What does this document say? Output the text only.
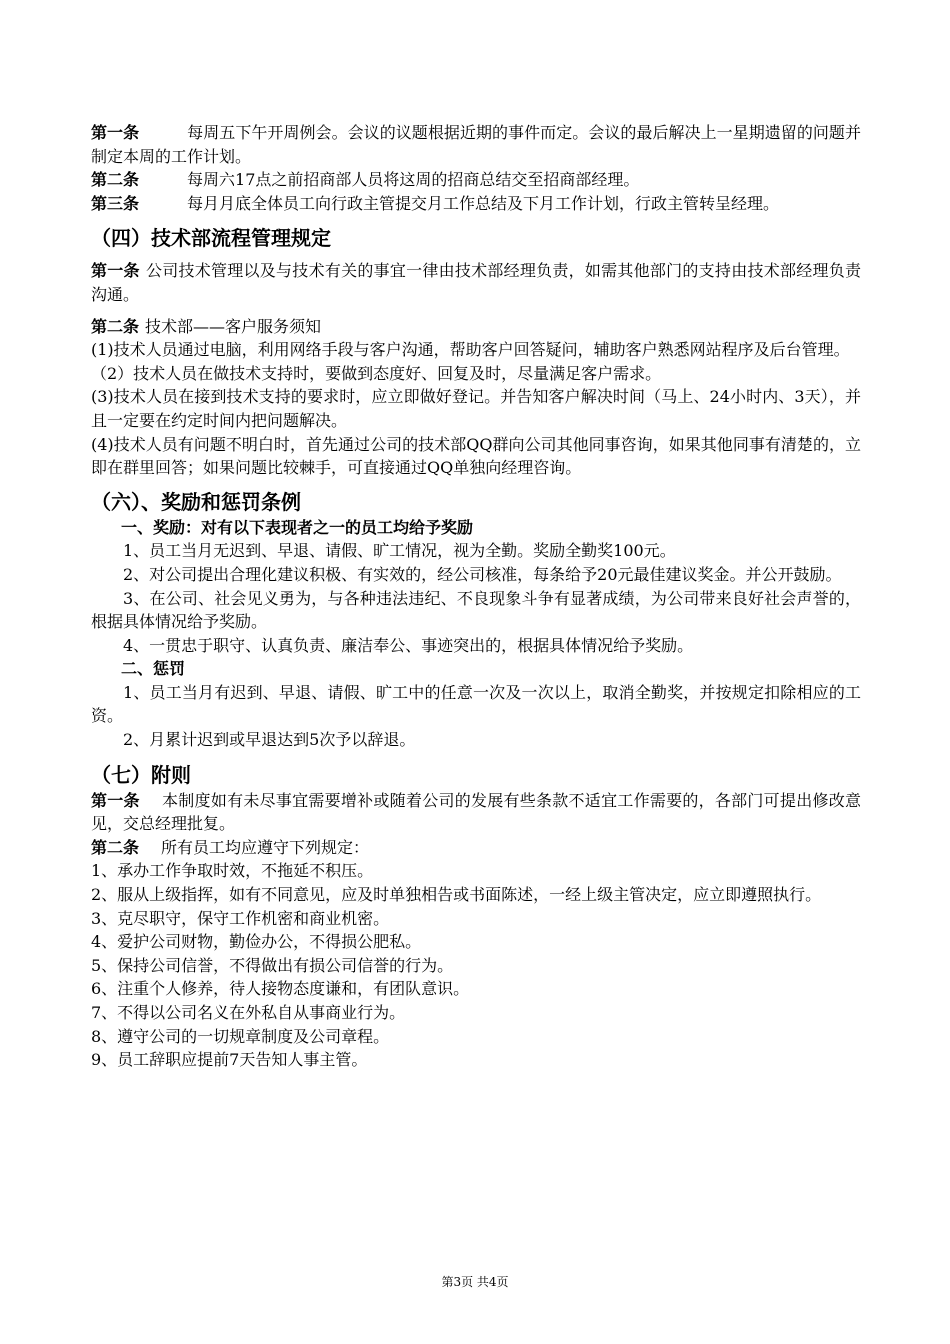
第一条	每周五下午开周例会。会议的议题根据近期的事件而定。会议的最后解决上一星期遗留的问题并制定本周的工作计划。

第二条	每周六17点之前招商部人员将这周的招商总结交至招商部经理。

第三条	每月月底全体员工向行政主管提交月工作总结及下月工作计划，行政主管转呈经理。

（四）技术部流程管理规定

第一条 公司技术管理以及与技术有关的事宜一律由技术部经理负责，如需其他部门的支持由技术部经理负责沟通。

第二条 技术部——客户服务须知

(1)技术人员通过电脑，利用网络手段与客户沟通，帮助客户回答疑问，辅助客户熟悉网站程序及后台管理。

（2）技术人员在做技术支持时，要做到态度好、回复及时，尽量满足客户需求。

(3)技术人员在接到技术支持的要求时，应立即做好登记。并告知客户解决时间（马上、24小时内、3天），并且一定要在约定时间内把问题解决。

(4)技术人员有问题不明白时，首先通过公司的技术部QQ群向公司其他同事咨询，如果其他同事有清楚的，立即在群里回答；如果问题比较棘手，可直接通过QQ单独向经理咨询。

（六）、奖励和惩罚条例

一、奖励：对有以下表现者之一的员工均给予奖励

1、员工当月无迟到、早退、请假、旷工情况，视为全勤。奖励全勤奖100元。

2、对公司提出合理化建议积极、有实效的，经公司核准，每条给予20元最佳建议奖金。并公开鼓励。

3、在公司、社会见义勇为，与各种违法违纪、不良现象斗争有显著成绩，为公司带来良好社会声誉的，根据具体情况给予奖励。

4、一贯忠于职守、认真负责、廉洁奉公、事迹突出的，根据具体情况给予奖励。

二、惩罚

1、员工当月有迟到、早退、请假、旷工中的任意一次及一次以上，取消全勤奖，并按规定扣除相应的工资。

2、月累计迟到或早退达到5次予以辞退。

（七）附则

第一条 本制度如有未尽事宜需要增补或随着公司的发展有些条款不适宜工作需要的，各部门可提出修改意见，交总经理批复。

第二条 所有员工均应遵守下列规定：

1、承办工作争取时效，不拖延不积压。

2、服从上级指挥，如有不同意见，应及时单独相告或书面陈述，一经上级主管决定，应立即遵照执行。

3、克尽职守，保守工作机密和商业机密。

4、爱护公司财物，勤俭办公，不得损公肥私。

5、保持公司信誉，不得做出有损公司信誉的行为。

6、注重个人修养，待人接物态度谦和，有团队意识。

7、不得以公司名义在外私自从事商业行为。

8、遵守公司的一切规章制度及公司章程。

9、员工辞职应提前7天告知人事主管。

第3页 共4页
